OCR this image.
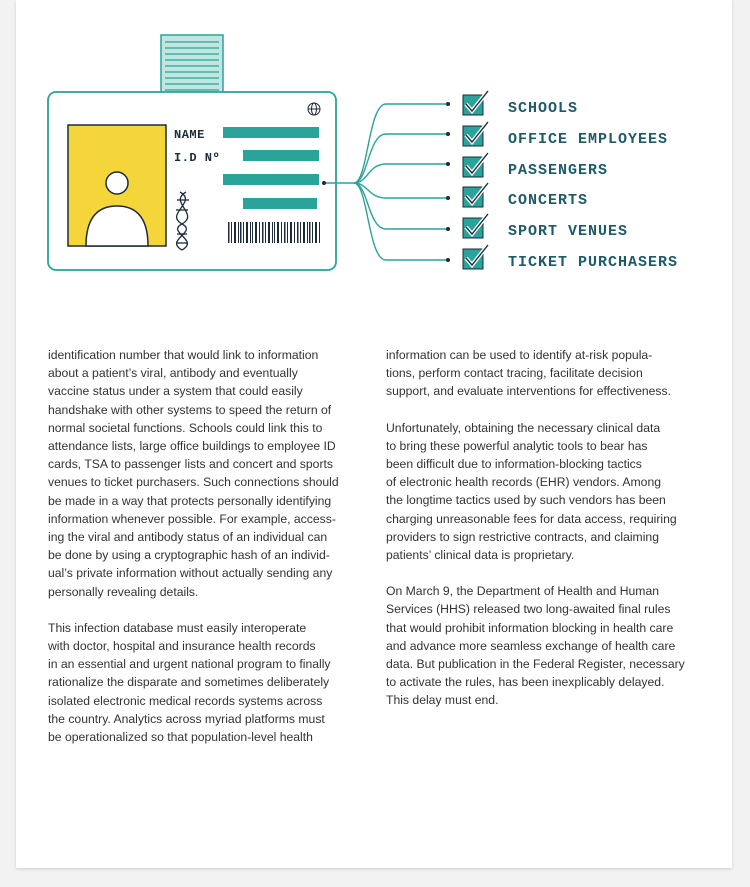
NAME
I.D Nº
SCHOOLS
OFFICE EMPLOYEES
PASSENGERS
CONCERTS
SPORT VENUES
TICKET PURCHASERS

identification number that would link to information
about a patient’s viral, antibody and eventually
vaccine status under a system that could easily
handshake with other systems to speed the return of
normal societal functions. Schools could link this to
attendance lists, large office buildings to employee ID
cards, TSA to passenger lists and concert and sports
venues to ticket purchasers. Such connections should
be made in a way that protects personally identifying
information whenever possible. For example, access-
ing the viral and antibody status of an individual can
be done by using a cryptographic hash of an individ-
ual’s private information without actually sending any
personally revealing details.

This infection database must easily interoperate
with doctor, hospital and insurance health records
in an essential and urgent national program to finally
rationalize the disparate and sometimes deliberately
isolated electronic medical records systems across
the country. Analytics across myriad platforms must
be operationalized so that population-level health

information can be used to identify at-risk popula-
tions, perform contact tracing, facilitate decision
support, and evaluate interventions for effectiveness.

Unfortunately, obtaining the necessary clinical data
to bring these powerful analytic tools to bear has
been difficult due to information-blocking tactics
of electronic health records (EHR) vendors. Among
the longtime tactics used by such vendors has been
charging unreasonable fees for data access, requiring
providers to sign restrictive contracts, and claiming
patients’ clinical data is proprietary.

On March 9, the Department of Health and Human
Services (HHS) released two long-awaited final rules
that would prohibit information blocking in health care
and advance more seamless exchange of health care
data. But publication in the Federal Register, necessary
to activate the rules, has been inexplicably delayed.
This delay must end.
